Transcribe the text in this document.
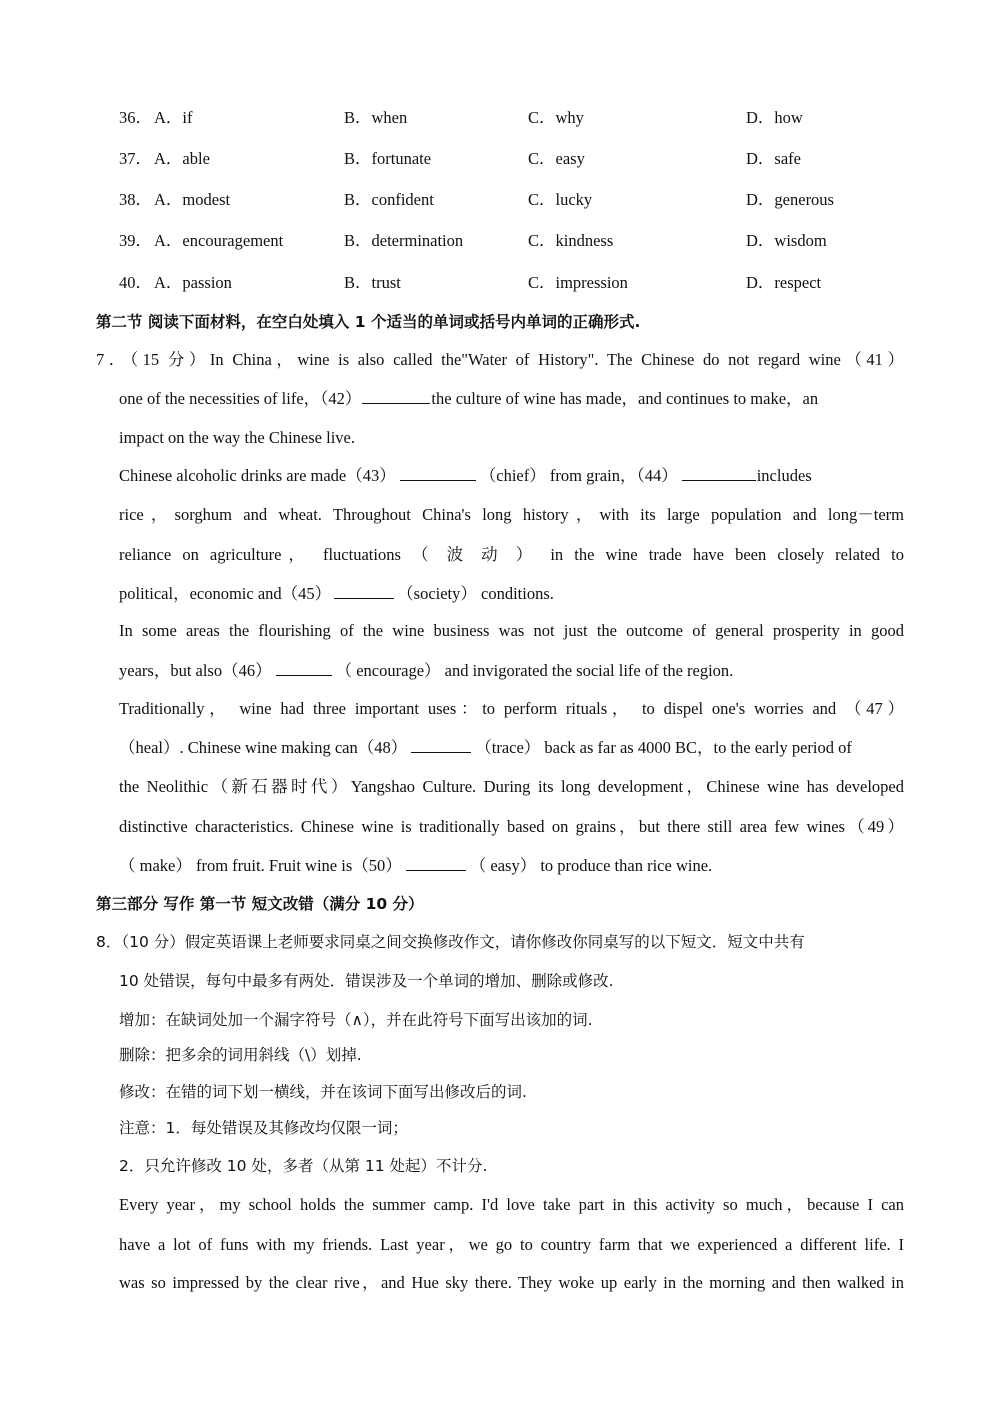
36． A．if	B．when	C．why	D．how
37． A．able	B．fortunate	C．easy	D．safe
38． A．modest	B．confident	C．lucky	D．generous
39． A．encouragement	B．determination	C．kindness	D．wisdom
40． A．passion	B．trust	C．impression	D．respect
第二节 阅读下面材料，在空白处填入 1 个适当的单词或括号内单词的正确形式.
7．（15 分）In China，wine is also called the"Water of History". The Chinese do not regard wine（41）
one of the necessities of life，（42）	the culture of wine has made，and continues to make，an
impact on the way the Chinese live.
Chinese alcoholic drinks are made（43）	（chief） from grain，（44）	includes
rice，sorghum and wheat. Throughout China's long history，with its large population and long－term
reliance on agriculture， fluctuations （ 波 动 ） in the wine trade have been closely related to
political，economic and（45）	（society） conditions.
In some areas the flourishing of the wine business was not just the outcome of general prosperity in good
years，but also（46）	（ encourage） and invigorated the social life of the region.
Traditionally， wine had three important uses：to perform rituals， to dispel one's worries and （47）
（heal）. Chinese wine making can（48）	（trace） back as far as 4000 BC，to the early period of
the Neolithic（新石器时代）Yangshao Culture. During its long development，Chinese wine has developed
distinctive characteristics. Chinese wine is traditionally based on grains，but there still area few wines（49）
（ make） from fruit. Fruit wine is（50）	（ easy） to produce than rice wine.
第三部分 写作 第一节 短文改错（满分 10 分）
8．（10 分）假定英语课上老师要求同桌之间交换修改作文，请你修改你同桌写的以下短文．短文中共有
10 处错误，每句中最多有两处．错误涉及一个单词的增加、删除或修改.
增加：在缺词处加一个漏字符号（∧），并在此符号下面写出该加的词.
删除：把多余的词用斜线（\）划掉.
修改：在错的词下划一横线，并在该词下面写出修改后的词.
注意：1．每处错误及其修改均仅限一词；
2．只允许修改 10 处，多者（从第 11 处起）不计分.
Every year，my school holds the summer camp. I'd love take part in this activity so much，because I can
have a lot of funs with my friends. Last year，we go to country farm that we experienced a different life. I
was so impressed by the clear rive，and Hue sky there. They woke up early in the morning and then walked in
